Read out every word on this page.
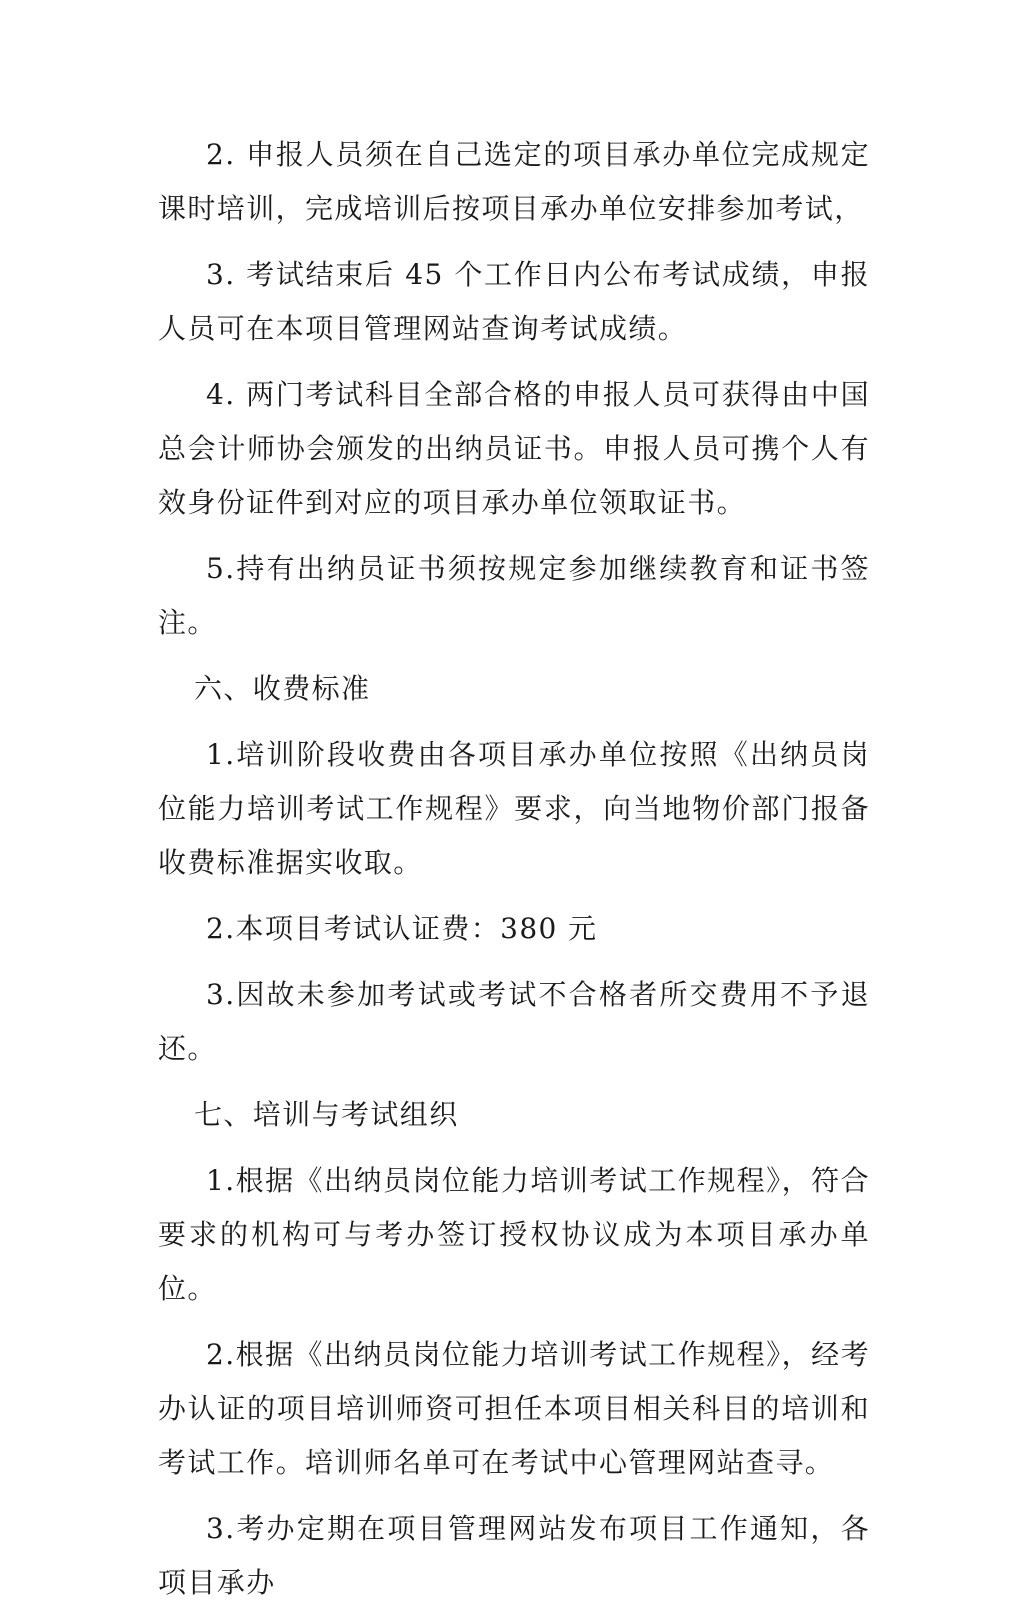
2. 申报人员须在自己选定的项目承办单位完成规定课时培训，完成培训后按项目承办单位安排参加考试，

3. 考试结束后 45 个工作日内公布考试成绩，申报人员可在本项目管理网站查询考试成绩。

4. 两门考试科目全部合格的申报人员可获得由中国总会计师协会颁发的出纳员证书。申报人员可携个人有效身份证件到对应的项目承办单位领取证书。

5.持有出纳员证书须按规定参加继续教育和证书签注。

六、收费标准

1.培训阶段收费由各项目承办单位按照《出纳员岗位能力培训考试工作规程》要求，向当地物价部门报备收费标准据实收取。

2.本项目考试认证费：380 元

3.因故未参加考试或考试不合格者所交费用不予退还。

七、培训与考试组织

1.根据《出纳员岗位能力培训考试工作规程》，符合要求的机构可与考办签订授权协议成为本项目承办单位。

2.根据《出纳员岗位能力培训考试工作规程》，经考办认证的项目培训师资可担任本项目相关科目的培训和考试工作。培训师名单可在考试中心管理网站查寻。

3.考办定期在项目管理网站发布项目工作通知，各项目承办
